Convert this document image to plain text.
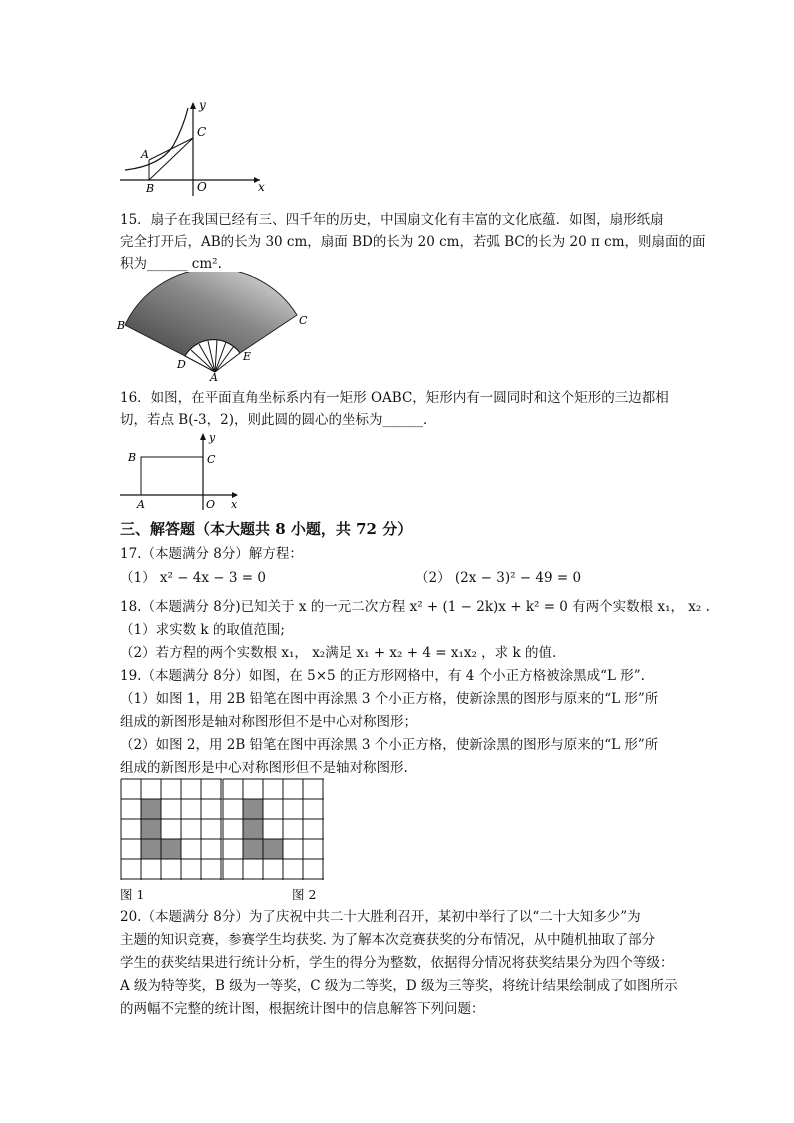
y
C
A
B	O	x
15．扇子在我国已经有三、四千年的历史，中国扇文化有丰富的文化底蕴．如图，扇形纸扇
完全打开后，AB的长为 30 cm，扇面 BD的长为 20 cm，若弧 BC的长为 20 π cm，则扇面的面
积为______ cm².
B	C
D
E
A
16．如图，在平面直角坐标系内有一矩形 OABC，矩形内有一圆同时和这个矩形的三边都相
切，若点 B(-3，2)，则此圆的圆心的坐标为______．
y
B	C
A	O x
三、解答题（本大题共 8 小题，共 72 分）
17.（本题满分 8分）解方程：
（1） x² − 4x − 3 = 0	（2） (2x − 3)² − 49 = 0
18.（本题满分 8分)已知关于 x 的一元二次方程 x² + (1 − 2k)x + k² = 0 有两个实数根 x₁， x₂ .
（1）求实数 k 的取值范围;
（2）若方程的两个实数根 x₁， x₂满足 x₁ + x₂ + 4 = x₁x₂ ，求 k 的值.
19.（本题满分 8分）如图，在 5×5 的正方形网格中，有 4 个小正方格被涂黑成“L 形”.
（1）如图 1，用 2B 铅笔在图中再涂黑 3 个小正方格，使新涂黑的图形与原来的“L 形”所
组成的新图形是轴对称图形但不是中心对称图形；
（2）如图 2，用 2B 铅笔在图中再涂黑 3 个小正方格，使新涂黑的图形与原来的“L 形”所
组成的新图形是中心对称图形但不是轴对称图形.
图 1	图 2
20.（本题满分 8分）为了庆祝中共二十大胜利召开，某初中举行了以“二十大知多少”为
主题的知识竞赛，参赛学生均获奖. 为了解本次竞赛获奖的分布情况，从中随机抽取了部分
学生的获奖结果进行统计分析，学生的得分为整数，依据得分情况将获奖结果分为四个等级：
A 级为特等奖，B 级为一等奖，C 级为二等奖，D 级为三等奖，将统计结果绘制成了如图所示
的两幅不完整的统计图，根据统计图中的信息解答下列问题：
